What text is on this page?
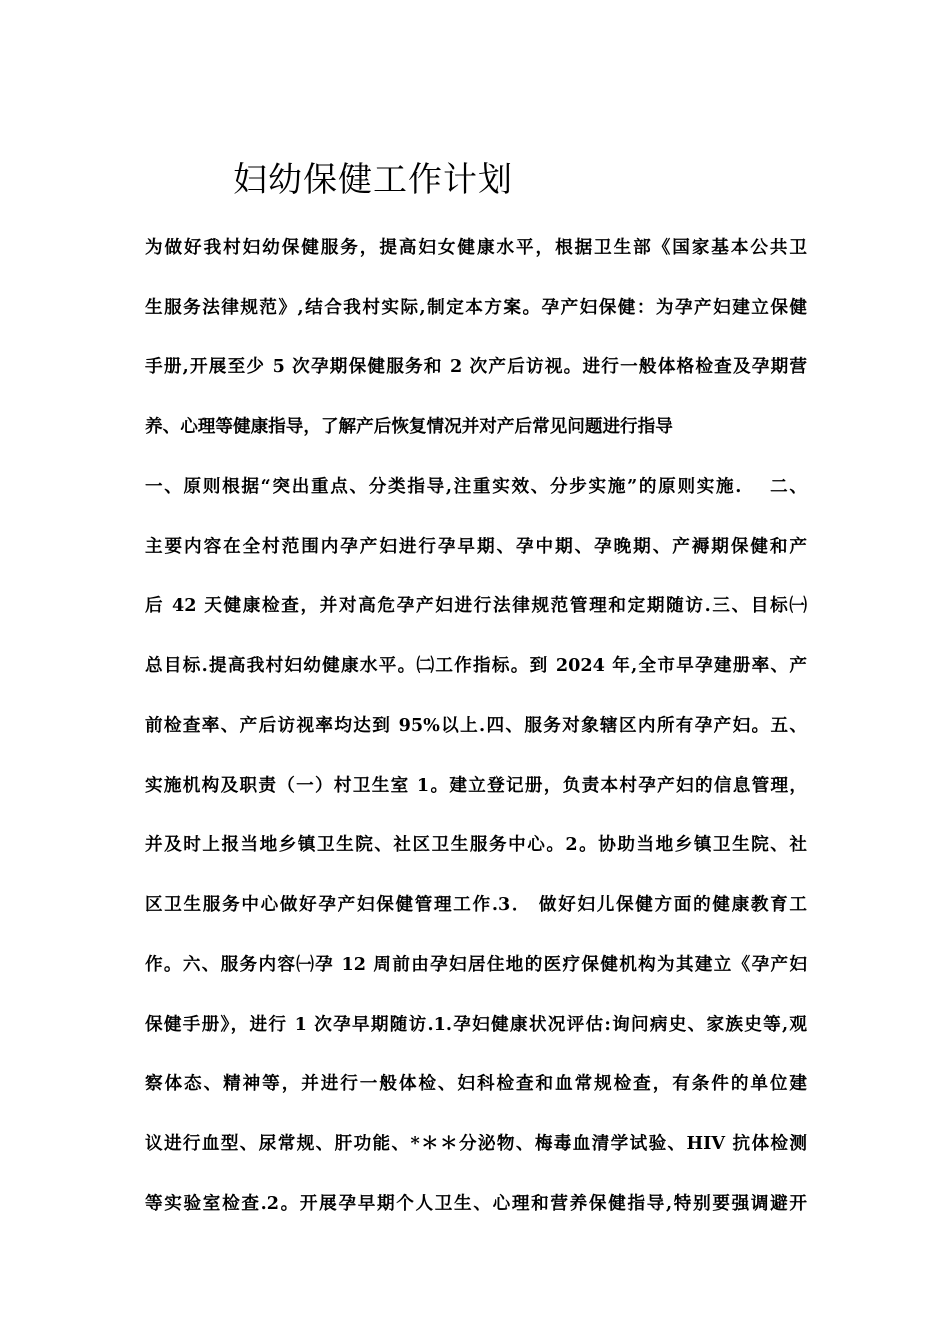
妇幼保健工作计划
为做好我村妇幼保健服务，提高妇女健康水平，根据卫生部《国家基本公共卫
生服务法律规范》,结合我村实际,制定本方案。孕产妇保健：为孕产妇建立保健
手册,开展至少 5 次孕期保健服务和 2 次产后访视。进行一般体格检查及孕期营
养、心理等健康指导，了解产后恢复情况并对产后常见问题进行指导
一、原则根据“突出重点、分类指导,注重实效、分步实施”的原则实施.　 二、
主要内容在全村范围内孕产妇进行孕早期、孕中期、孕晚期、产褥期保健和产
后 42 天健康检查，并对高危孕产妇进行法律规范管理和定期随访.三、目标㈠
总目标.提高我村妇幼健康水平。㈡工作指标。到 2024 年,全市早孕建册率、产
前检查率、产后访视率均达到 95%以上.四、服务对象辖区内所有孕产妇。五、
实施机构及职责（一）村卫生室 1。建立登记册，负责本村孕产妇的信息管理，
并及时上报当地乡镇卫生院、社区卫生服务中心。2。协助当地乡镇卫生院、社
区卫生服务中心做好孕产妇保健管理工作.3． 做好妇儿保健方面的健康教育工
作。六、服务内容㈠孕 12 周前由孕妇居住地的医疗保健机构为其建立《孕产妇
保健手册》，进行 1 次孕早期随访.1.孕妇健康状况评估:询问病史、家族史等,观
察体态、精神等，并进行一般体检、妇科检查和血常规检查，有条件的单位建
议进行血型、尿常规、肝功能、*＊＊分泌物、梅毒血清学试验、HIV 抗体检测
等实验室检查.2。开展孕早期个人卫生、心理和营养保健指导,特别要强调避开
